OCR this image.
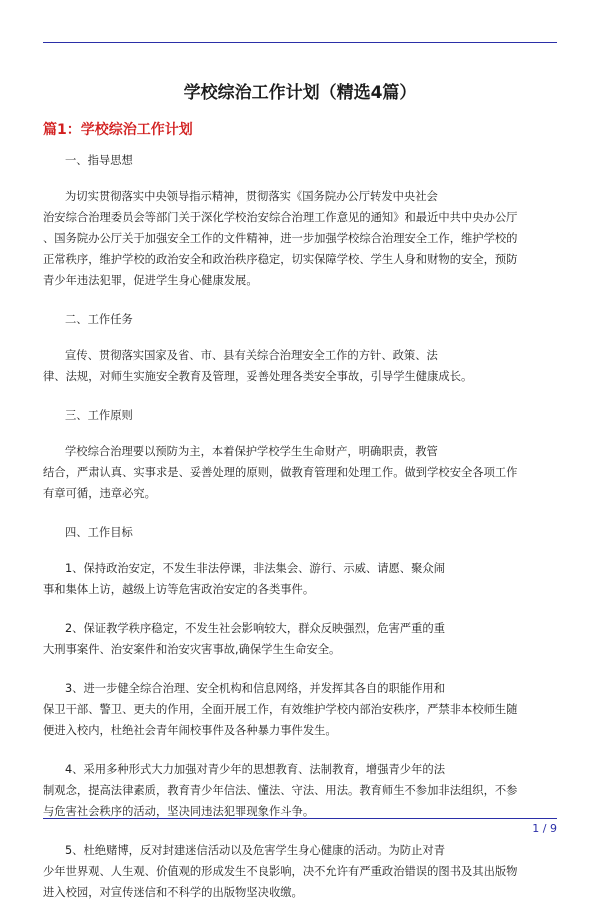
学校综治工作计划（精选4篇）
篇1：学校综治工作计划
一、指导思想
为切实贯彻落实中央领导指示精神，贯彻落实《国务院办公厅转发中央社会
治安综合治理委员会等部门关于深化学校治安综合治理工作意见的通知》和最近中共中央办公厅
、国务院办公厅关于加强安全工作的文件精神，进一步加强学校综合治理安全工作，维护学校的
正常秩序，维护学校的政治安全和政治秩序稳定，切实保障学校、学生人身和财物的安全，预防
青少年违法犯罪，促进学生身心健康发展。
二、工作任务
宣传、贯彻落实国家及省、市、县有关综合治理安全工作的方针、政策、法
律、法规，对师生实施安全教育及管理，妥善处理各类安全事故，引导学生健康成长。
三、工作原则
学校综合治理要以预防为主，本着保护学校学生生命财产，明确职责，教管
结合，严肃认真、实事求是、妥善处理的原则，做教育管理和处理工作。做到学校安全各项工作
有章可循，违章必究。
四、工作目标
1、保持政治安定，不发生非法停课，非法集会、游行、示威、请愿、聚众闹
事和集体上访，越级上访等危害政治安定的各类事件。
2、保证教学秩序稳定，不发生社会影响较大，群众反映强烈，危害严重的重
大刑事案件、治安案件和治安灾害事故,确保学生生命安全。
3、进一步健全综合治理、安全机构和信息网络，并发挥其各自的职能作用和
保卫干部、警卫、更夫的作用，全面开展工作，有效维护学校内部治安秩序，严禁非本校师生随
便进入校内，杜绝社会青年闹校事件及各种暴力事件发生。
4、采用多种形式大力加强对青少年的思想教育、法制教育，增强青少年的法
制观念，提高法律素质，教育青少年信法、懂法、守法、用法。教育师生不参加非法组织，不参
与危害社会秩序的活动，坚决同违法犯罪现象作斗争。
5、杜绝赌博，反对封建迷信活动以及危害学生身心健康的活动。为防止对青
少年世界观、人生观、价值观的形成发生不良影响，决不允许有严重政治错误的图书及其出版物
进入校园，对宣传迷信和不科学的出版物坚决收缴。
1 / 9
